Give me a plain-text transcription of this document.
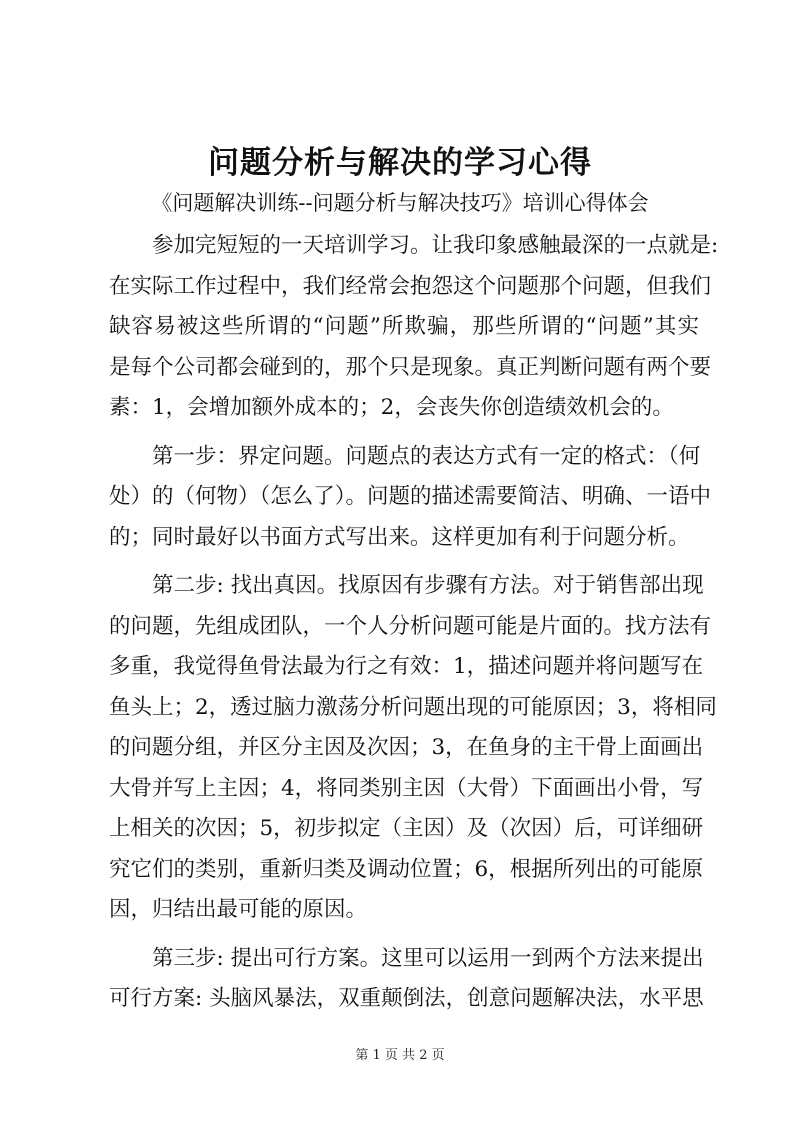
问题分析与解决的学习心得
《问题解决训练--问题分析与解决技巧》培训心得体会
参加完短短的一天培训学习。让我印象感触最深的一点就是:
在实际工作过程中，我们经常会抱怨这个问题那个问题，但我们
缺容易被这些所谓的“问题”所欺骗，那些所谓的“问题”其实
是每个公司都会碰到的，那个只是现象。真正判断问题有两个要
素：1，会增加额外成本的；2，会丧失你创造绩效机会的。
第一步：界定问题。问题点的表达方式有一定的格式：（何
处）的（何物）（怎么了）。问题的描述需要简洁、明确、一语中
的；同时最好以书面方式写出来。这样更加有利于问题分析。
第二步: 找出真因。找原因有步骤有方法。对于销售部出现
的问题，先组成团队，一个人分析问题可能是片面的。找方法有
多重，我觉得鱼骨法最为行之有效：1，描述问题并将问题写在
鱼头上；2，透过脑力激荡分析问题出现的可能原因；3，将相同
的问题分组，并区分主因及次因；3，在鱼身的主干骨上面画出
大骨并写上主因；4，将同类别主因（大骨）下面画出小骨，写
上相关的次因；5，初步拟定（主因）及（次因）后，可详细研
究它们的类别，重新归类及调动位置；6，根据所列出的可能原
因，归结出最可能的原因。
第三步: 提出可行方案。这里可以运用一到两个方法来提出
可行方案: 头脑风暴法，双重颠倒法，创意问题解决法，水平思
第 1 页 共 2 页
